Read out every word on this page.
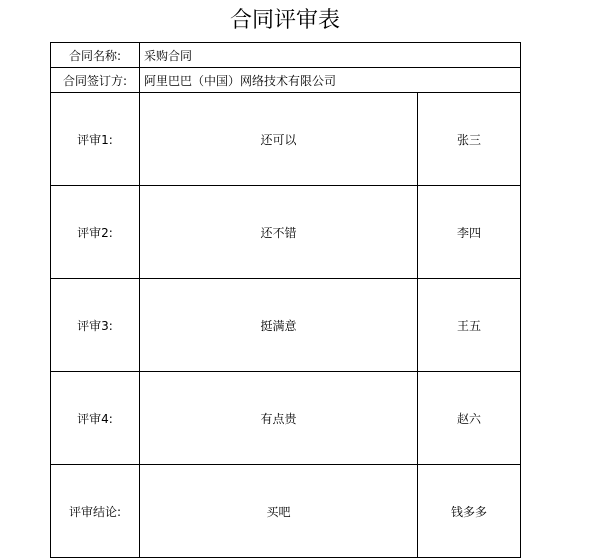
合同评审表
合同名称:	采购合同	
合同签订方:	阿里巴巴（中国）网络技术有限公司	
评审1:	还可以	张三
评审2:	还不错	李四
评审3:	挺满意	王五
评审4:	有点贵	赵六
评审结论:	买吧	钱多多
